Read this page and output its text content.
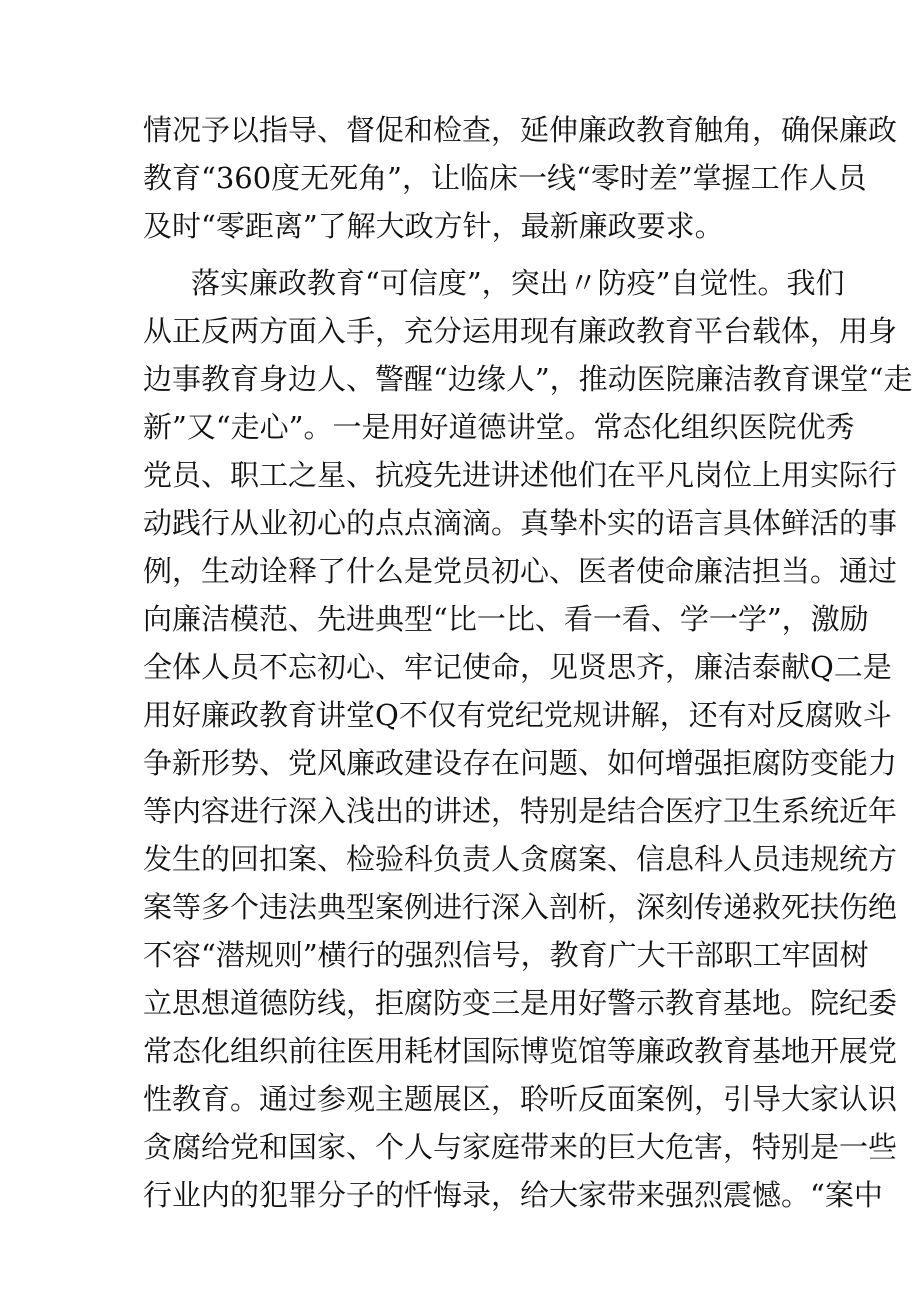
情况予以指导、督促和检查，延伸廉政教育触角，确保廉政
教育“360度无死角”，让临床一线“零时差”掌握工作人员
及时“零距离”了解大政方针，最新廉政要求。
落实廉政教育“可信度”，突出〃防疫”自觉性。我们
从正反两方面入手，充分运用现有廉政教育平台载体，用身
边事教育身边人、警醒“边缘人”，推动医院廉洁教育课堂“走
新”又“走心”。一是用好道德讲堂。常态化组织医院优秀
党员、职工之星、抗疫先进讲述他们在平凡岗位上用实际行
动践行从业初心的点点滴滴。真挚朴实的语言具体鲜活的事
例，生动诠释了什么是党员初心、医者使命廉洁担当。通过
向廉洁模范、先进典型“比一比、看一看、学一学”，激励
全体人员不忘初心、牢记使命，见贤思齐，廉洁泰献Q二是
用好廉政教育讲堂Q不仅有党纪党规讲解，还有对反腐败斗
争新形势、党风廉政建设存在问题、如何增强拒腐防变能力
等内容进行深入浅出的讲述，特别是结合医疗卫生系统近年
发生的回扣案、检验科负责人贪腐案、信息科人员违规统方
案等多个违法典型案例进行深入剖析，深刻传递救死扶伤绝
不容“潜规则”横行的强烈信号，教育广大干部职工牢固树
立思想道德防线，拒腐防变三是用好警示教育基地。院纪委
常态化组织前往医用耗材国际博览馆等廉政教育基地开展党
性教育。通过参观主题展区，聆听反面案例，引导大家认识
贪腐给党和国家、个人与家庭带来的巨大危害，特别是一些
行业内的犯罪分子的忏悔录，给大家带来强烈震憾。“案中
